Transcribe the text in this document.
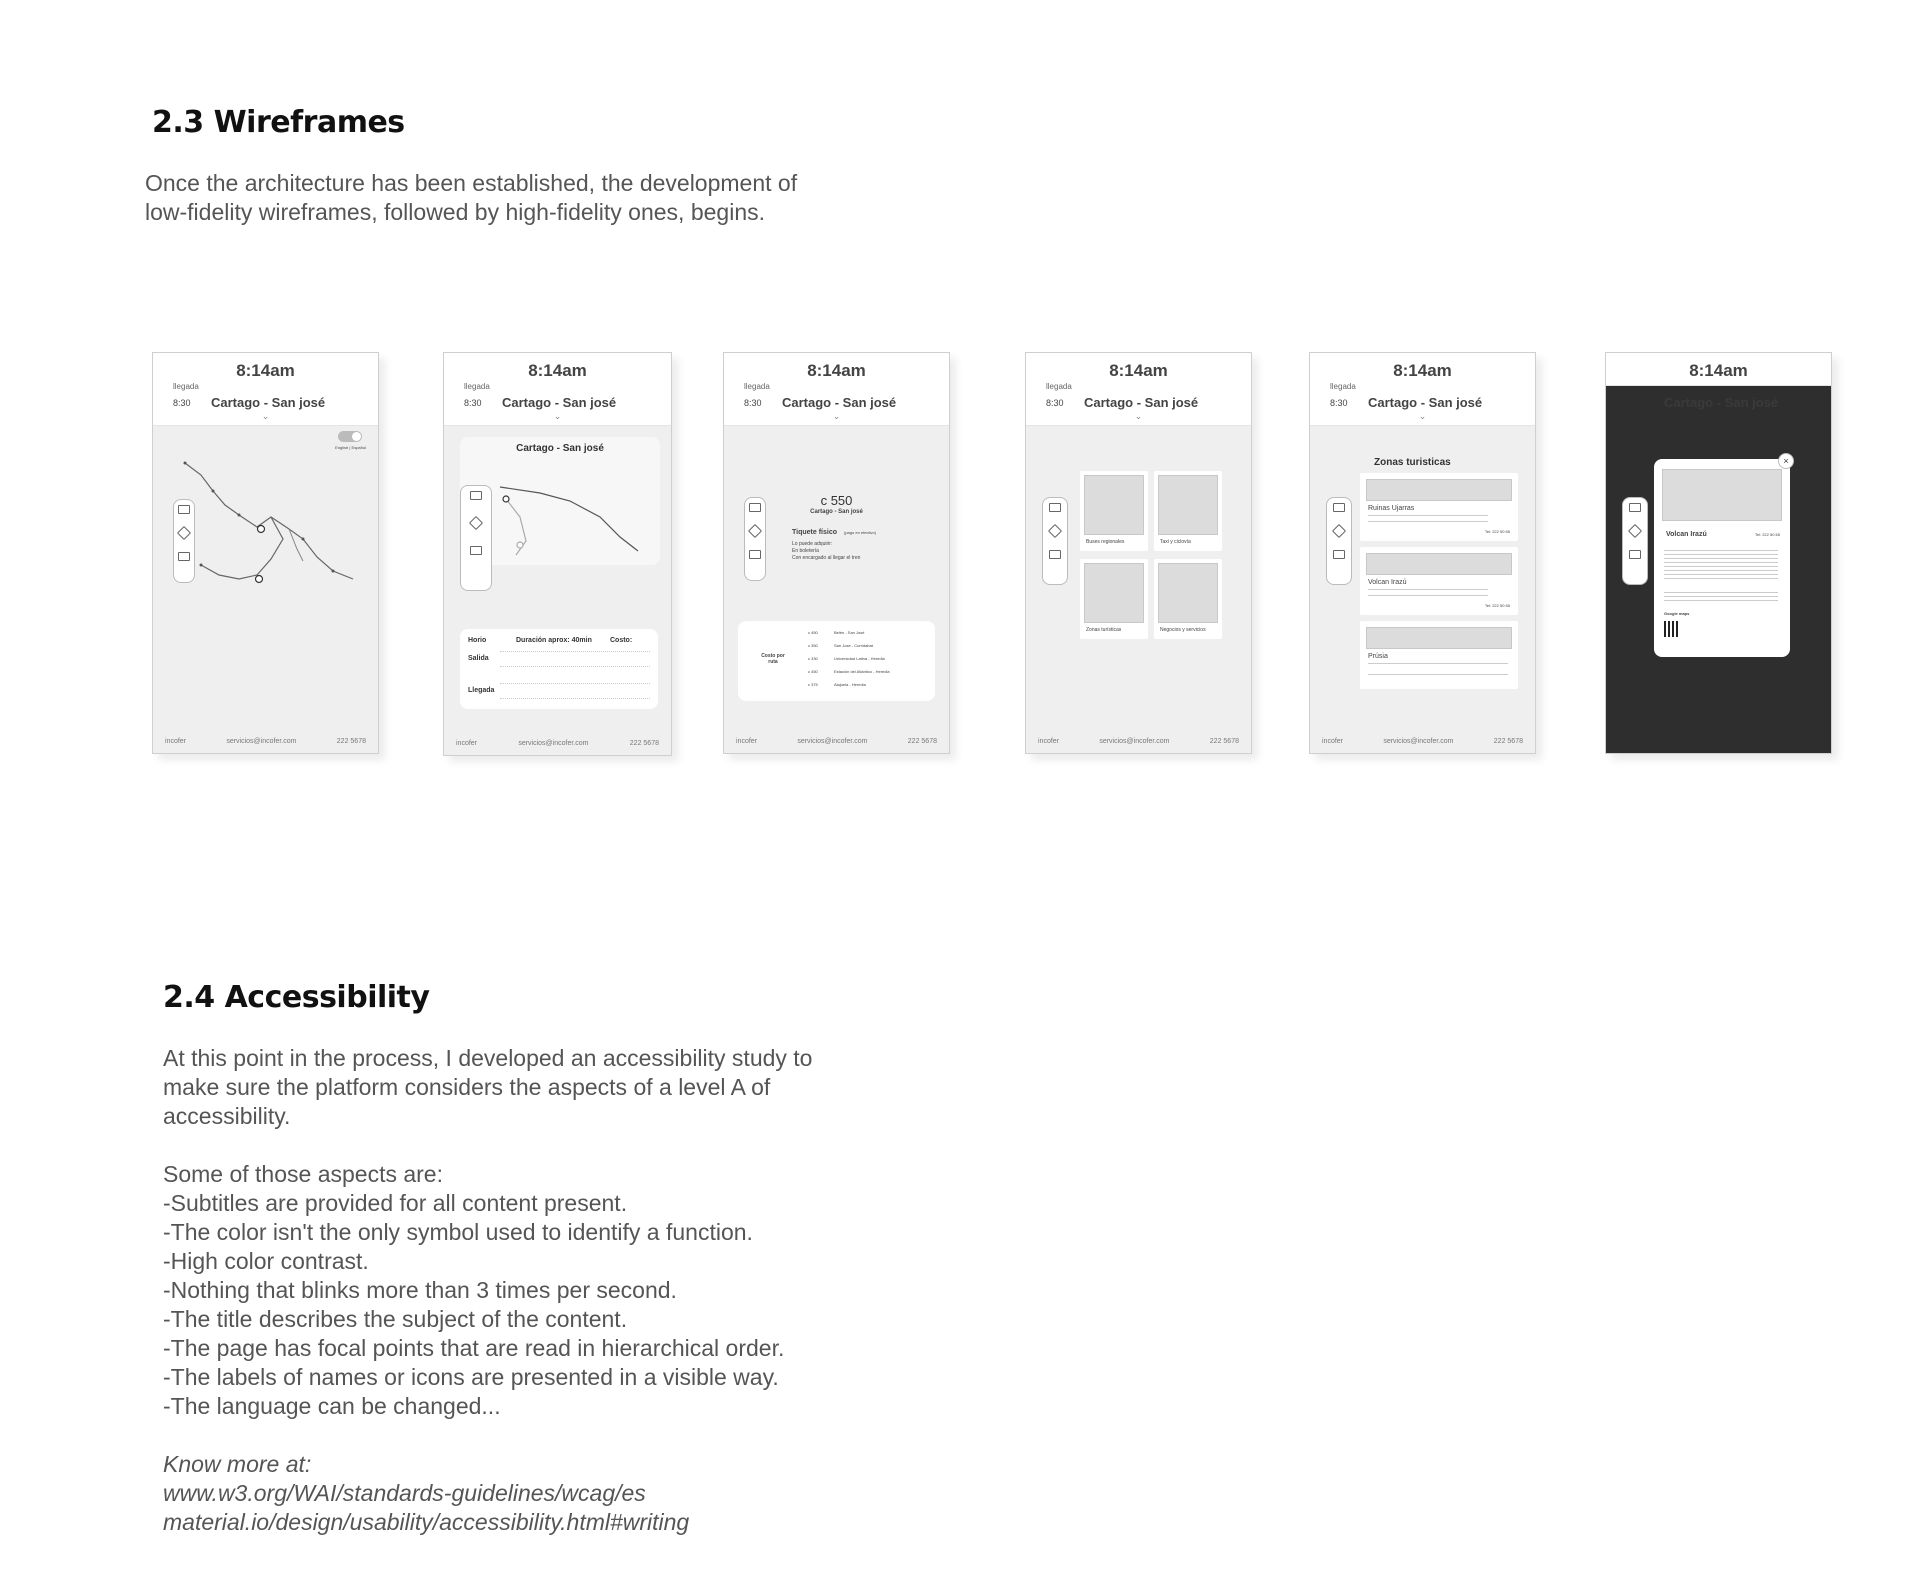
2.3 Wireframes

Once the architecture has been established, the development of

low-fidelity wireframes, followed by high-fidelity ones, begins.

8:14am
llegada
8:30 Cartago - San josé
⌄
English | Español
incofer	servicios@incofer.com	222 5678
8:14am
llegada
8:30 Cartago - San josé
⌄
Cartago - San josé
Horio	Duración aprox: 40min	Costo:
Salida
Llegada
incofer	servicios@incofer.com	222 5678
8:14am
llegada
8:30 Cartago - San josé
⌄
c 550
Cartago - San josé
Tiquete físico (pago en efectivo)
Lo puede adquirir:
En boletería
Con encargado al llegar el tren
Costo por ruta
c 450	Belén - San José
c 350	San José - Curridabat
c 330	Universidad Latina - Heredia
c 450	Estación del Atlántico - Heredia
c 375	Alajuela - Heredia
incofer	servicios@incofer.com	222 5678
8:14am
llegada
8:30 Cartago - San josé
⌄
Buses regionales	Taxi y ciclovía
Zonas turísticas	Negocios y servicios
incofer	servicios@incofer.com	222 5678
8:14am
llegada
8:30 Cartago - San josé
⌄
Zonas turisticas
Ruinas Ujarras
Tel: 222 50 65
Volcan Irazú
Tel: 222 50 65
Prúsia
incofer	servicios@incofer.com	222 5678
8:14am
Cartago - San josé
×
Volcan Irazú	Tel: 222 50 65
Google maps
2.4 Accessibility

At this point in the process, I developed an accessibility study to

make sure the platform considers the aspects of a level A of

accessibility.

Some of those aspects are:

-Subtitles are provided for all content present.

-The color isn't the only symbol used to identify a function.

-High color contrast.

-Nothing that blinks more than 3 times per second.

-The title describes the subject of the content.

-The page has focal points that are read in hierarchical order.

-The labels of names or icons are presented in a visible way.

-The language can be changed...

Know more at:

www.w3.org/WAI/standards-guidelines/wcag/es

material.io/design/usability/accessibility.html#writing
